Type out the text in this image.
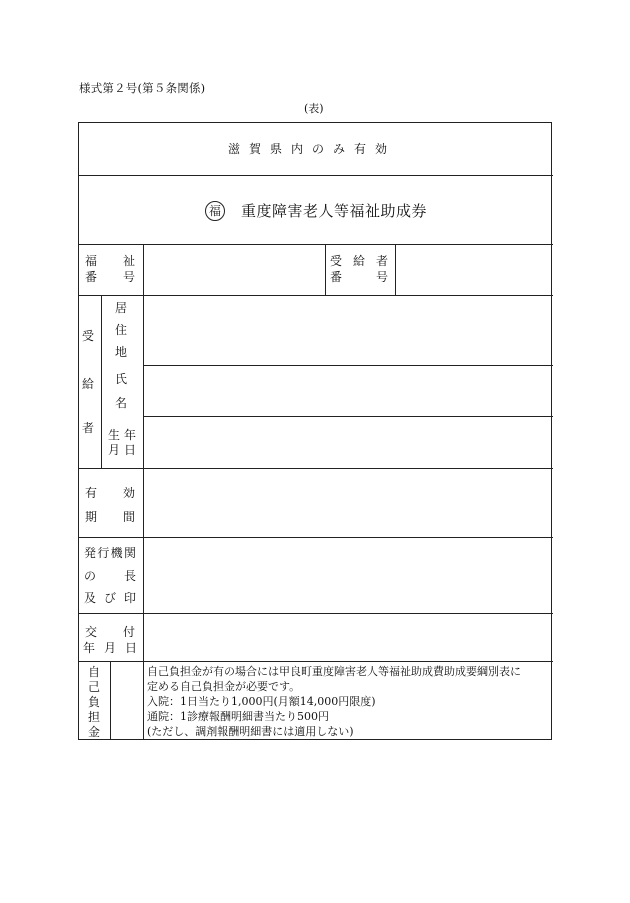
様式第２号(第５条関係)
(表)
滋賀県内のみ有効
福 重度障害老人等福祉助成券
福 祉
番 号
受 給 者
番	号
受
給
者
居
住
地
氏
名
生 年
月 日
有 効
期 間
発 行 機 関
の 長
及 び 印
交 付
年 月 日
自
己
負
担
金
自己負担金が有の場合には甲良町重度障害老人等福祉助成費助成要綱別表に
定める自己負担金が必要です。
入院：1日当たり1,000円(月額14,000円限度)
通院：1診療報酬明細書当たり500円
(ただし、調剤報酬明細書には適用しない)
